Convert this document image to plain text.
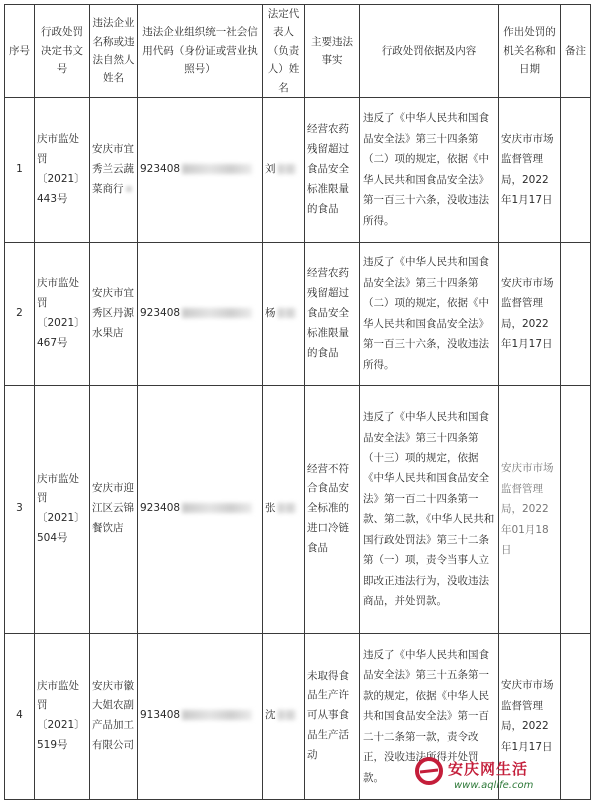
序号	行政处罚决定书文号	违法企业名称或违法自然人姓名	违法企业组织统一社会信用代码（身份证或营业执照号）	法定代表人（负责人）姓名	主要违法事实	行政处罚依据及内容	作出处罚的机关名称和日期	备注
1	庆市监处罚〔2021〕443号	安庆市宜秀兰云蔬菜商行	923408	刘	经营农药残留超过食品安全标准限量的食品	违反了《中华人民共和国食品安全法》第三十四条第（二）项的规定，依据《中华人民共和国食品安全法》第一百三十六条，没收违法所得。	安庆市市场监督管理局，2022年1月17日	
2	庆市监处罚〔2021〕467号	安庆市宜秀区丹源水果店	923408	杨	经营农药残留超过食品安全标准限量的食品	违反了《中华人民共和国食品安全法》第三十四条第（二）项的规定，依据《中华人民共和国食品安全法》第一百三十六条，没收违法所得。	安庆市市场监督管理局，2022年1月17日	
3	庆市监处罚〔2021〕504号	安庆市迎江区云锦餐饮店	923408	张	经营不符合食品安全标准的进口冷链食品	违反了《中华人民共和国食品安全法》第三十四条第（十三）项的规定，依据《中华人民共和国食品安全法》第一百二十四条第一款、第二款，《中华人民共和国行政处罚法》第三十二条第（一）项，责令当事人立即改正违法行为，没收违法商品，并处罚款。	安庆市市场监督管理局，2022年01月18日	
4	庆市监处罚〔2021〕519号	安庆市徽大姐农副产品加工有限公司	913408	沈	未取得食品生产许可从事食品生产活动	违反了《中华人民共和国食品安全法》第三十五条第一款的规定，依据《中华人民共和国食品安全法》第一百二十二条第一款，责令改正，没收违法所得并处罚款。	安庆市市场监督管理局，2022年1月17日	
安庆网生活
www.aqlife.com
